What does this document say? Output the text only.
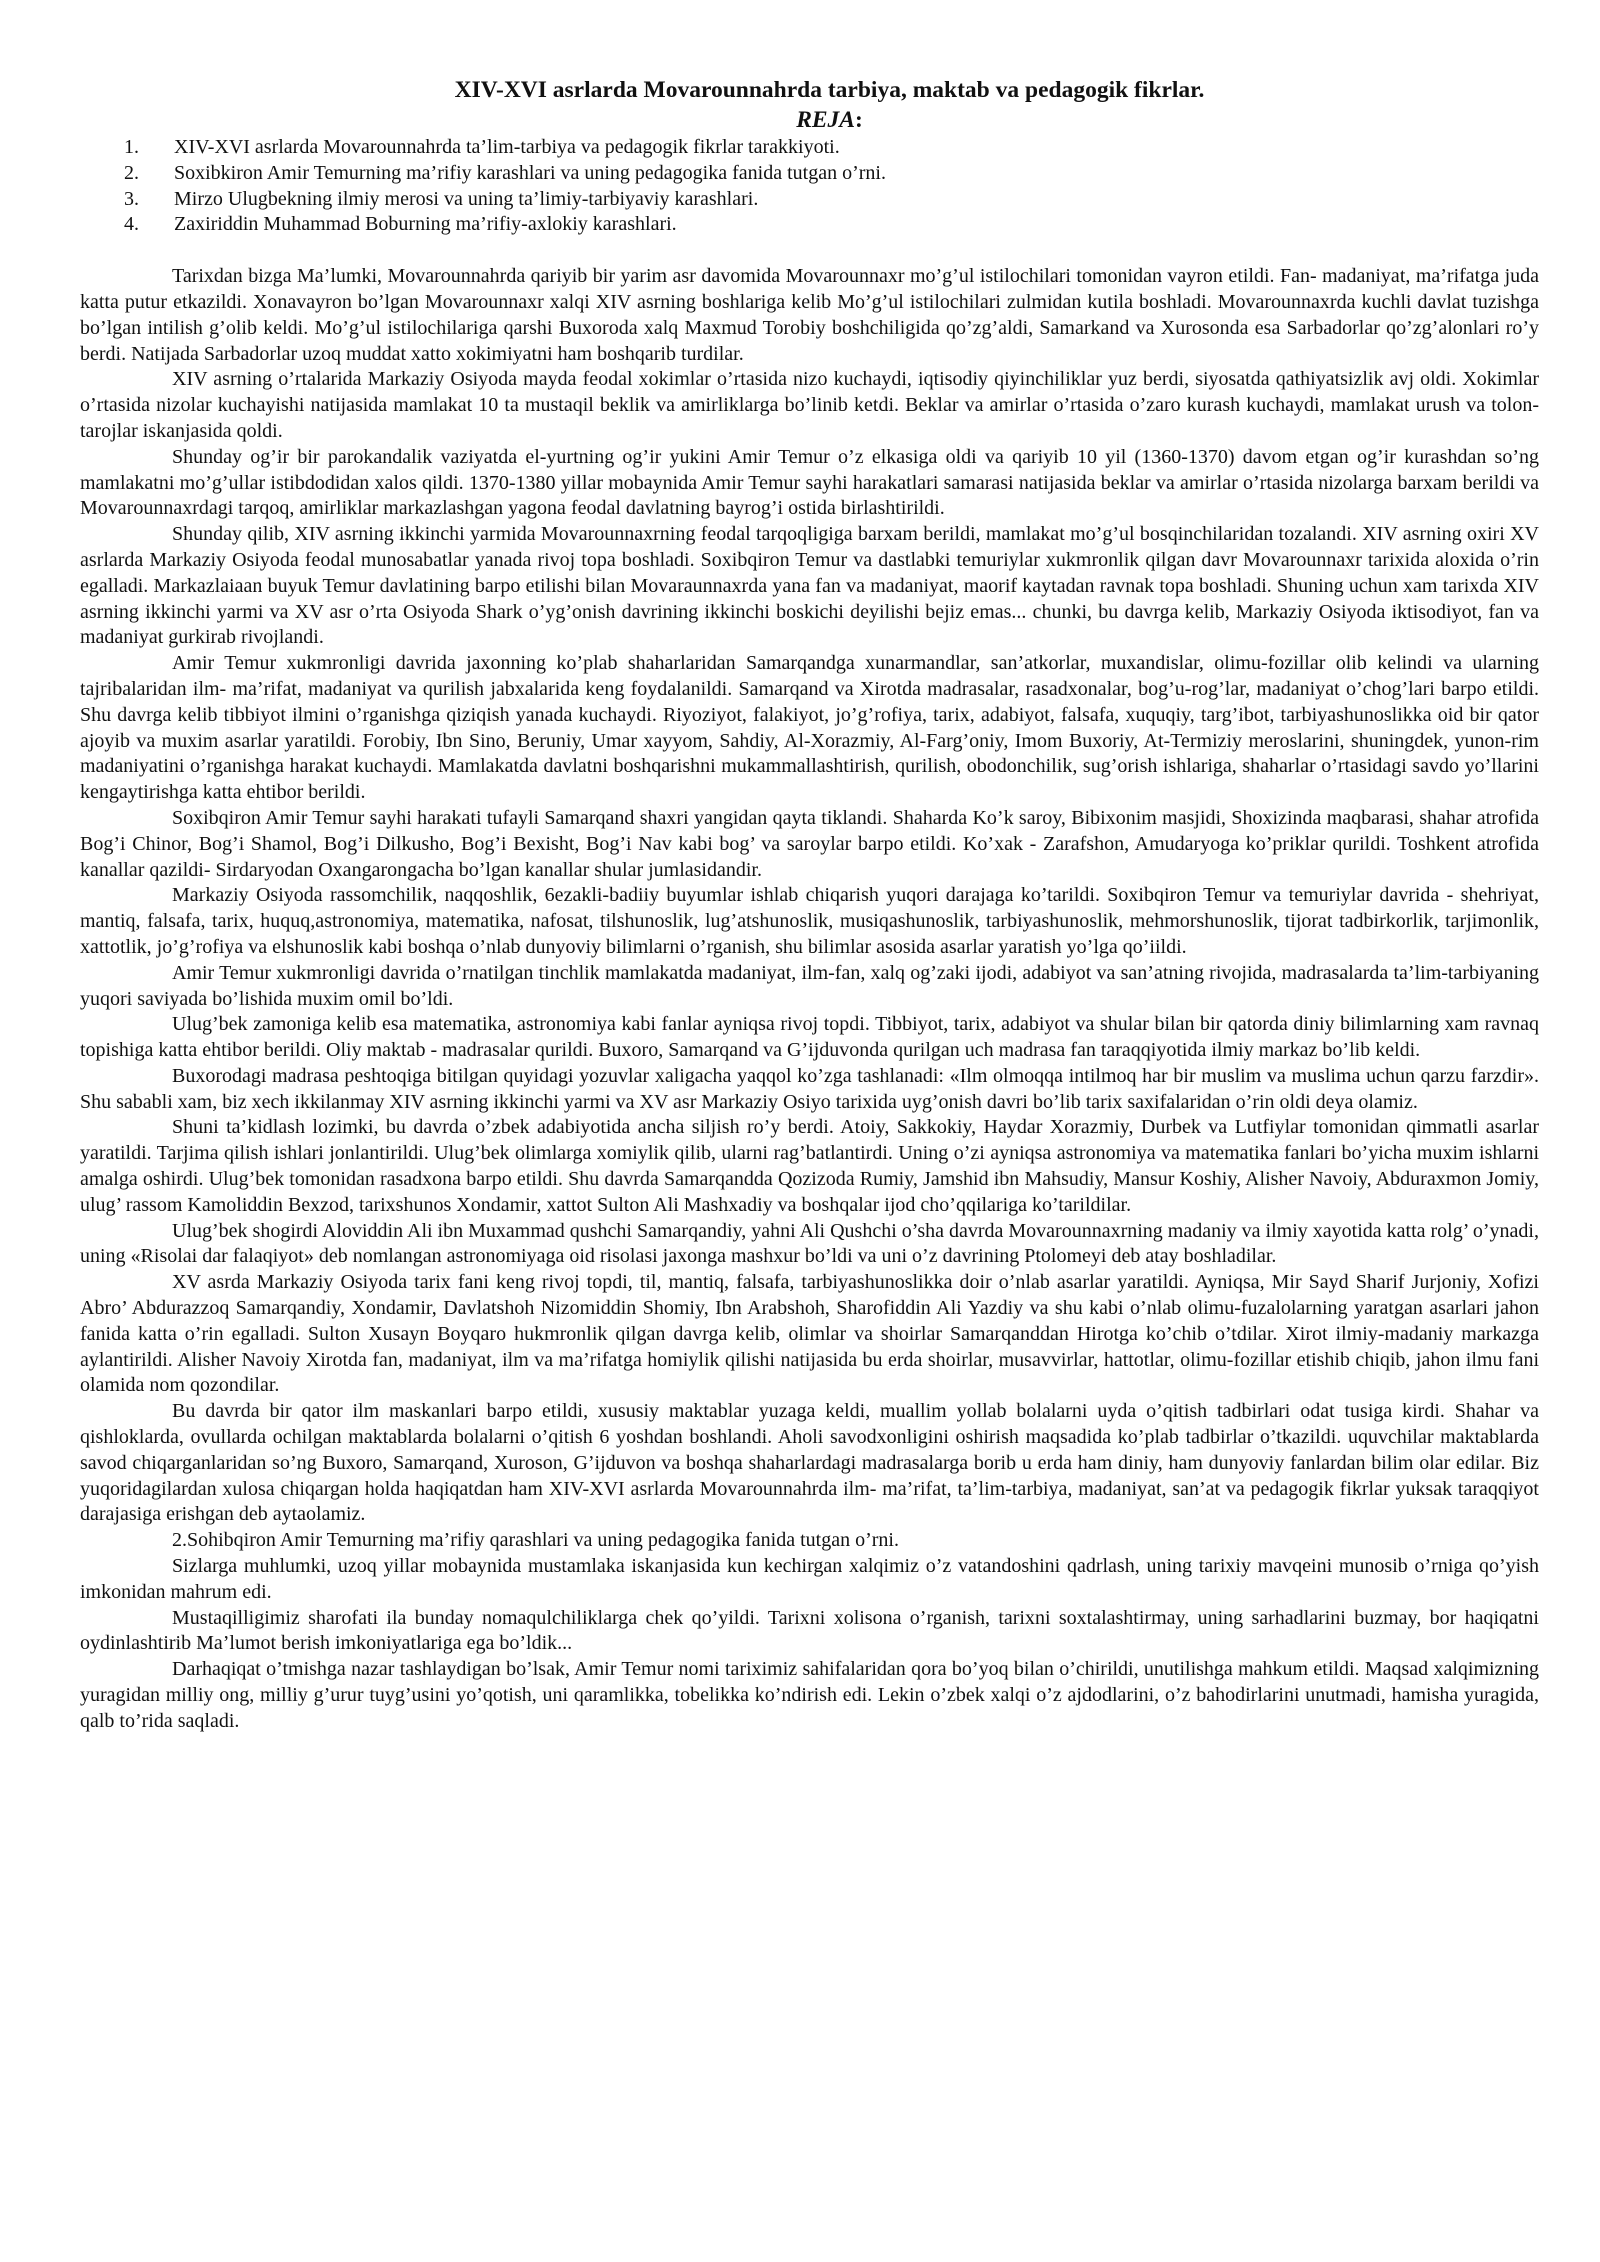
XIV-XVI asrlarda Movarounnahrda tarbiya, maktab va pedagogik fikrlar.
REJA:
1. XIV-XVI asrlarda Movarounnahrda ta’lim-tarbiya va pedagogik fikrlar tarakkiyoti.
2. Soxibkiron Amir Temurning ma’rifiy karashlari va uning pedagogika fanida tutgan o’rni.
3. Mirzo Ulugbekning ilmiy merosi va uning ta’limiy-tarbiyaviy karashlari.
4. Zaxiriddin Muhammad Boburning ma’rifiy-axlokiy karashlari.

Tarixdan bizga Ma’lumki, Movarounnahrda qariyib bir yarim asr davomida Movarounnaxr mo’g’ul istilochilari tomonidan vayron etildi. Fan- madaniyat, ma’rifatga juda katta putur etkazildi. Xonavayron bo’lgan Movarounnaxr xalqi XIV asrning boshlariga kelib Mo’g’ul istilochilari zulmidan kutila boshladi. Movarounnaxrda kuchli davlat tuzishga bo’lgan intilish g’olib keldi. Mo’g’ul istilochilariga qarshi Buxoroda xalq Maxmud Torobiy boshchiligida qo’zg’aldi, Samarkand va Xurosonda esa Sarbadorlar qo’zg’alonlari ro’y berdi. Natijada Sarbadorlar uzoq muddat xatto xokimiyatni ham boshqarib turdilar.

XIV asrning o’rtalarida Markaziy Osiyoda mayda feodal xokimlar o’rtasida nizo kuchaydi, iqtisodiy qiyinchiliklar yuz berdi, siyosatda qathiyatsizlik avj oldi. Xokimlar o’rtasida nizolar kuchayishi natijasida mamlakat 10 ta mustaqil beklik va amirliklarga bo’linib ketdi. Beklar va amirlar o’rtasida o’zaro kurash kuchaydi, mamlakat urush va tolon-tarojlar iskanjasida qoldi.

Shunday og’ir bir parokandalik vaziyatda el-yurtning og’ir yukini Amir Temur o’z elkasiga oldi va qariyib 10 yil (1360-1370) davom etgan og’ir kurashdan so’ng mamlakatni mo’g’ullar istibdodidan xalos qildi. 1370-1380 yillar mobaynida Amir Temur sayhi harakatlari samarasi natijasida beklar va amirlar o’rtasida nizolarga barxam berildi va Movarounnaxrdagi tarqoq, amirliklar markazlashgan yagona feodal davlatning bayrog’i ostida birlashtirildi.

Shunday qilib, XIV asrning ikkinchi yarmida Movarounnaxrning feodal tarqoqligiga barxam berildi, mamlakat mo’g’ul bosqinchilaridan tozalandi. XIV asrning oxiri XV asrlarda Markaziy Osiyoda feodal munosabatlar yanada rivoj topa boshladi. Soxibqiron Temur va dastlabki temuriylar xukmronlik qilgan davr Movarounnaxr tarixida aloxida o’rin egalladi. Markazlaiaan buyuk Temur davlatining barpo etilishi bilan Movaraunnaxrda yana fan va madaniyat, maorif kaytadan ravnak topa boshladi. Shuning uchun xam tarixda XIV asrning ikkinchi yarmi va XV asr o’rta Osiyoda Shark o’yg’onish davrining ikkinchi boskichi deyilishi bejiz emas... chunki, bu davrga kelib, Markaziy Osiyoda iktisodiyot, fan va madaniyat gurkirab rivojlandi.

Amir Temur xukmronligi davrida jaxonning ko’plab shaharlaridan Samarqandga xunarmandlar, san’atkorlar, muxandislar, olimu-fozillar olib kelindi va ularning tajribalaridan ilm- ma’rifat, madaniyat va qurilish jabxalarida keng foydalanildi. Samarqand va Xirotda madrasalar, rasadxonalar, bog’u-rog’lar, madaniyat o’chog’lari barpo etildi. Shu davrga kelib tibbiyot ilmini o’rganishga qiziqish yanada kuchaydi. Riyoziyot, falakiyot, jo’g’rofiya, tarix, adabiyot, falsafa, xuquqiy, targ’ibot, tarbiyashunoslikka oid bir qator ajoyib va muxim asarlar yaratildi. Forobiy, Ibn Sino, Beruniy, Umar xayyom, Sahdiy, Al-Xorazmiy, Al-Farg’oniy, Imom Buxoriy, At-Termiziy meroslarini, shuningdek, yunon-rim madaniyatini o’rganishga harakat kuchaydi. Mamlakatda davlatni boshqarishni mukammallashtirish, qurilish, obodonchilik, sug’orish ishlariga, shaharlar o’rtasidagi savdo yo’llarini kengaytirishga katta ehtibor berildi.

Soxibqiron Amir Temur sayhi harakati tufayli Samarqand shaxri yangidan qayta tiklandi. Shaharda Ko’k saroy, Bibixonim masjidi, Shoxizinda maqbarasi, shahar atrofida Bog’i Chinor, Bog’i Shamol, Bog’i Dilkusho, Bog’i Bexisht, Bog’i Nav kabi bog’ va saroylar barpo etildi. Ko’xak - Zarafshon, Amudaryoga ko’priklar qurildi. Toshkent atrofida kanallar qazildi- Sirdaryodan Oxangarongacha bo’lgan kanallar shular jumlasidandir.

Markaziy Osiyoda rassomchilik, naqqoshlik, 6ezakli-badiiy buyumlar ishlab chiqarish yuqori darajaga ko’tarildi. Soxibqiron Temur va temuriylar davrida - shehriyat, mantiq, falsafa, tarix, huquq,astronomiya, matematika, nafosat, tilshunoslik, lug’atshunoslik, musiqashunoslik, tarbiyashunoslik, mehmorshunoslik, tijorat tadbirkorlik, tarjimonlik, xattotlik, jo’g’rofiya va elshunoslik kabi boshqa o’nlab dunyoviy bilimlarni o’rganish, shu bilimlar asosida asarlar yaratish yo’lga qo’iildi.

Amir Temur xukmronligi davrida o’rnatilgan tinchlik mamlakatda madaniyat, ilm-fan, xalq og’zaki ijodi, adabiyot va san’atning rivojida, madrasalarda ta’lim-tarbiyaning yuqori saviyada bo’lishida muxim omil bo’ldi.

Ulug’bek zamoniga kelib esa matematika, astronomiya kabi fanlar ayniqsa rivoj topdi. Tibbiyot, tarix, adabiyot va shular bilan bir qatorda diniy bilimlarning xam ravnaq topishiga katta ehtibor berildi. Oliy maktab - madrasalar qurildi. Buxoro, Samarqand va G’ijduvonda qurilgan uch madrasa fan taraqqiyotida ilmiy markaz bo’lib keldi.

Buxorodagi madrasa peshtoqiga bitilgan quyidagi yozuvlar xaligacha yaqqol ko’zga tashlanadi: «Ilm olmoqqa intilmoq har bir muslim va muslima uchun qarzu farzdir». Shu sababli xam, biz xech ikkilanmay XIV asrning ikkinchi yarmi va XV asr Markaziy Osiyo tarixida uyg’onish davri bo’lib tarix saxifalaridan o’rin oldi deya olamiz.

Shuni ta’kidlash lozimki, bu davrda o’zbek adabiyotida ancha siljish ro’y berdi. Atoiy, Sakkokiy, Haydar Xorazmiy, Durbek va Lutfiylar tomonidan qimmatli asarlar yaratildi. Tarjima qilish ishlari jonlantirildi. Ulug’bek olimlarga xomiylik qilib, ularni rag’batlantirdi. Uning o’zi ayniqsa astronomiya va matematika fanlari bo’yicha muxim ishlarni amalga oshirdi. Ulug’bek tomonidan rasadxona barpo etildi. Shu davrda Samarqandda Qozizoda Rumiy, Jamshid ibn Mahsudiy, Mansur Koshiy, Alisher Navoiy, Abduraxmon Jomiy, ulug’ rassom Kamoliddin Bexzod, tarixshunos Xondamir, xattot Sulton Ali Mashxadiy va boshqalar ijod cho’qqilariga ko’tarildilar.

Ulug’bek shogirdi Aloviddin Ali ibn Muxammad qushchi Samarqandiy, yahni Ali Qushchi o’sha davrda Movarounnaxrning madaniy va ilmiy xayotida katta rolg’ o’ynadi, uning «Risolai dar falaqiyot» deb nomlangan astronomiyaga oid risolasi jaxonga mashxur bo’ldi va uni o’z davrining Ptolomeyi deb atay boshladilar.

XV asrda Markaziy Osiyoda tarix fani keng rivoj topdi, til, mantiq, falsafa, tarbiyashunoslikka doir o’nlab asarlar yaratildi. Ayniqsa, Mir Sayd Sharif Jurjoniy, Xofizi Abro’ Abdurazzoq Samarqandiy, Xondamir, Davlatshoh Nizomiddin Shomiy, Ibn Arabshoh, Sharofiddin Ali Yazdiy va shu kabi o’nlab olimu-fuzalolarning yaratgan asarlari jahon fanida katta o’rin egalladi. Sulton Xusayn Boyqaro hukmronlik qilgan davrga kelib, olimlar va shoirlar Samarqanddan Hirotga ko’chib o’tdilar. Xirot ilmiy-madaniy markazga aylantirildi. Alisher Navoiy Xirotda fan, madaniyat, ilm va ma’rifatga homiylik qilishi natijasida bu erda shoirlar, musavvirlar, hattotlar, olimu-fozillar etishib chiqib, jahon ilmu fani olamida nom qozondilar.

Bu davrda bir qator ilm maskanlari barpo etildi, xususiy maktablar yuzaga keldi, muallim yollab bolalarni uyda o’qitish tadbirlari odat tusiga kirdi. Shahar va qishloklarda, ovullarda ochilgan maktablarda bolalarni o’qitish 6 yoshdan boshlandi. Aholi savodxonligini oshirish maqsadida ko’plab tadbirlar o’tkazildi. uquvchilar maktablarda savod chiqarganlaridan so’ng Buxoro, Samarqand, Xuroson, G’ijduvon va boshqa shaharlardagi madrasalarga borib u erda ham diniy, ham dunyoviy fanlardan bilim olar edilar. Biz yuqoridagilardan xulosa chiqargan holda haqiqatdan ham XIV-XVI asrlarda Movarounnahrda ilm- ma’rifat, ta’lim-tarbiya, madaniyat, san’at va pedagogik fikrlar yuksak taraqqiyot darajasiga erishgan deb aytaolamiz.

2.Sohibqiron Amir Temurning ma’rifiy qarashlari va uning pedagogika fanida tutgan o’rni.

Sizlarga muhlumki, uzoq yillar mobaynida mustamlaka iskanjasida kun kechirgan xalqimiz o’z vatandoshini qadrlash, uning tarixiy mavqeini munosib o’rniga qo’yish imkonidan mahrum edi.

Mustaqilligimiz sharofati ila bunday nomaqulchiliklarga chek qo’yildi. Tarixni xolisona o’rganish, tarixni soxtalashtirmay, uning sarhadlarini buzmay, bor haqiqatni oydinlashtirib Ma’lumot berish imkoniyatlariga ega bo’ldik...

Darhaqiqat o’tmishga nazar tashlaydigan bo’lsak, Amir Temur nomi tariximiz sahifalaridan qora bo’yoq bilan o’chirildi, unutilishga mahkum etildi. Maqsad xalqimizning yuragidan milliy ong, milliy g’urur tuyg’usini yo’qotish, uni qaramlikka, tobelikka ko’ndirish edi. Lekin o’zbek xalqi o’z ajdodlarini, o’z bahodirlarini unutmadi, hamisha yuragida, qalb to’rida saqladi.
